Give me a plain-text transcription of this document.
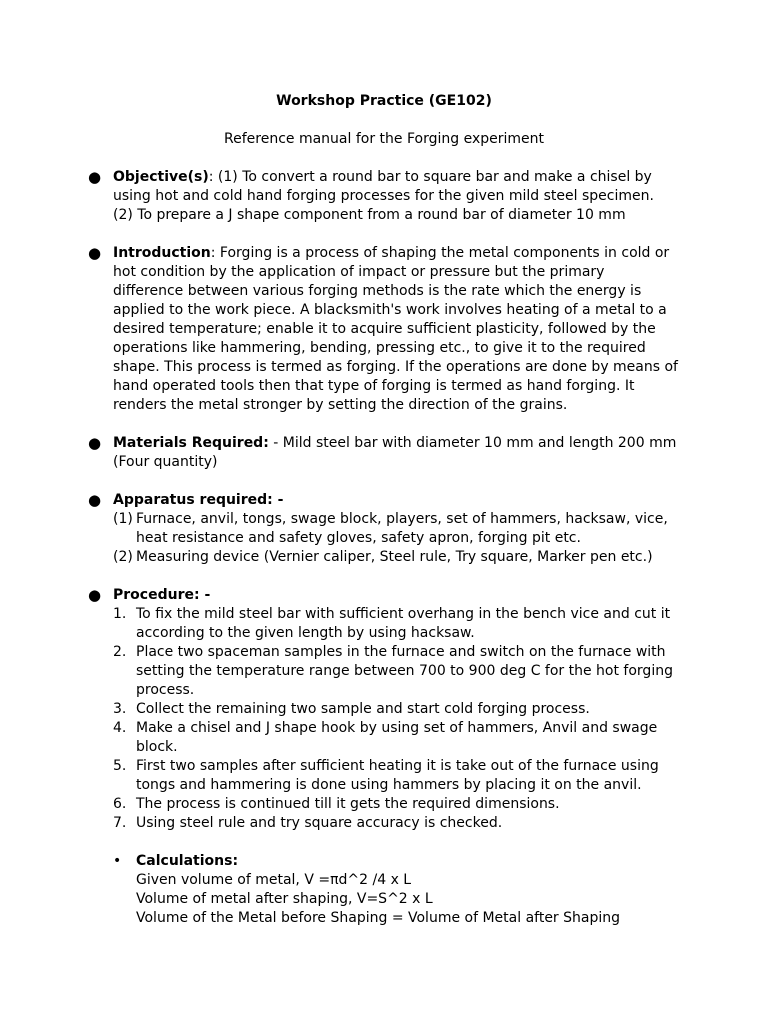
Workshop Practice (GE102)
Reference manual for the Forging experiment
● Objective(s): (1) To convert a round bar to square bar and make a chisel by using hot and cold hand forging processes for the given mild steel specimen.
(2) To prepare a J shape component from a round bar of diameter 10 mm
● Introduction: Forging is a process of shaping the metal components in cold or hot condition by the application of impact or pressure but the primary difference between various forging methods is the rate which the energy is applied to the work piece. A blacksmith's work involves heating of a metal to a desired temperature; enable it to acquire sufficient plasticity, followed by the operations like hammering, bending, pressing etc., to give it to the required shape. This process is termed as forging. If the operations are done by means of hand operated tools then that type of forging is termed as hand forging. It renders the metal stronger by setting the direction of the grains.
● Materials Required: - Mild steel bar with diameter 10 mm and length 200 mm (Four quantity)
● Apparatus required: -
(1) Furnace, anvil, tongs, swage block, players, set of hammers, hacksaw, vice, heat resistance and safety gloves, safety apron, forging pit etc.
(2) Measuring device (Vernier caliper, Steel rule, Try square, Marker pen etc.)
● Procedure: -
1. To fix the mild steel bar with sufficient overhang in the bench vice and cut it according to the given length by using hacksaw.
2. Place two spaceman samples in the furnace and switch on the furnace with setting the temperature range between 700 to 900 deg C for the hot forging process.
3. Collect the remaining two sample and start cold forging process.
4. Make a chisel and J shape hook by using set of hammers, Anvil and swage block.
5. First two samples after sufficient heating it is take out of the furnace using tongs and hammering is done using hammers by placing it on the anvil.
6. The process is continued till it gets the required dimensions.
7. Using steel rule and try square accuracy is checked.
• Calculations:
Given volume of metal, V =πd^2 /4 x L
Volume of metal after shaping, V=S^2 x L
Volume of the Metal before Shaping = Volume of Metal after Shaping
